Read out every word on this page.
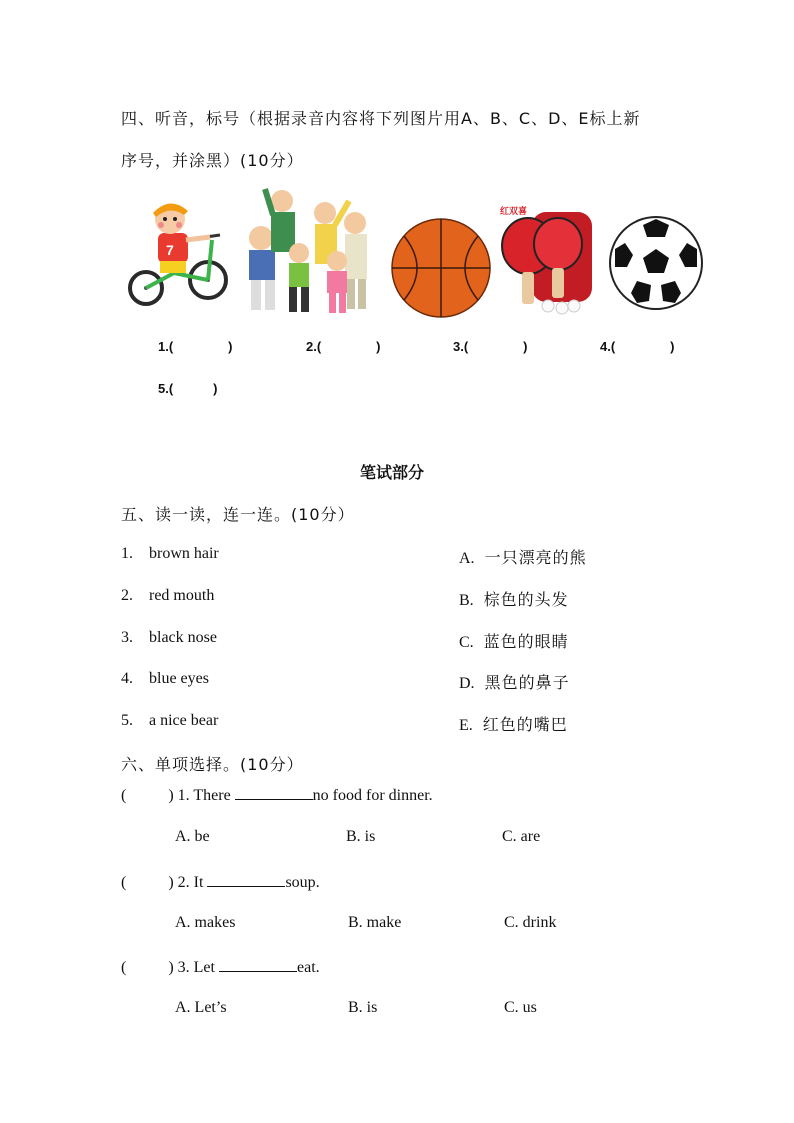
四、听音，标号（根据录音内容将下列图片用A、B、C、D、E标上新
序号，并涂黑）(10分）
7
红双喜
1.(	)	2.(	)	3.(	)	4.(	)
5.(	)
笔试部分
五、读一读，连一连。(10分）
1. brown hair
2. red mouth
3. black nose
4. blue eyes
5. a nice bear
A. 一只漂亮的熊
B. 棕色的头发
C. 蓝色的眼睛
D. 黑色的鼻子
E. 红色的嘴巴
六、单项选择。(10分）
(	) 1. There	no food for dinner.
A. be	B. is	C. are
(	) 2. It	soup.
A. makes	B. make	C. drink
(	) 3. Let	eat.
A. Let’s	B. is	C. us
